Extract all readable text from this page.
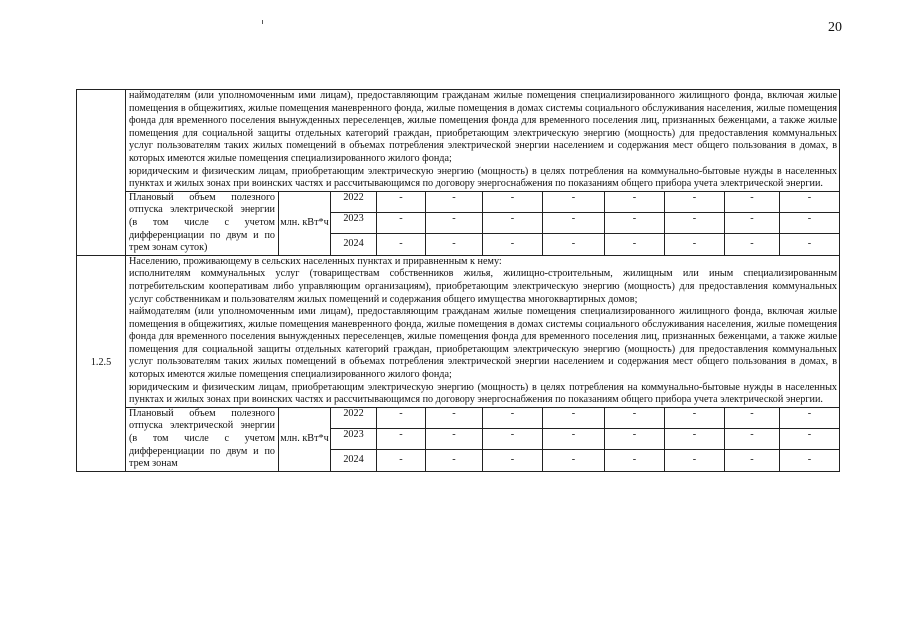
20

	наймодателям (или уполномоченным ими лицам), предоставляющим гражданам жилые помещения специализированного жилищного фонда, включая жилые помещения в общежитиях, жилые помещения маневренного фонда, жилые помещения в домах системы социального обслуживания населения, жилые помещения фонда для временного поселения вынужденных переселенцев, жилые помещения фонда для временного поселения лиц, признанных беженцами, а также жилые помещения для социальной защиты отдельных категорий граждан, приобретающим электрическую энергию (мощность) для предоставления коммунальных услуг пользователям таких жилых помещений в объемах потребления электрической энергии населением и содержания мест общего пользования в домах, в которых имеются жилые помещения специализированного жилого фонда;

юридическим и физическим лицам, приобретающим электрическую энергию (мощность) в целях потребления на коммунально-бытовые нужды в населенных пунктах и жилых зонах при воинских частях и рассчитывающимся по договору энергоснабжения по показаниям общего прибора учета электрической энергии.										

	Плановый объем полезного отпуска электрической энергии (в том числе с учетом дифференциации по двум и по трем зонам суток)	млн. кВт*ч	2022	-	-	-	-	-	-	-	-
			2023	-	-	-	-	-	-	-	-
			2024	-	-	-	-	-	-	-	-
1.2.5	Населению, проживающему в сельских населенных пунктах и приравненным к нему:

исполнителям коммунальных услуг (товариществам собственников жилья, жилищно-строительным, жилищным или иным специализированным потребительским кооперативам либо управляющим организациям), приобретающим электрическую энергию (мощность) для предоставления коммунальных услуг собственникам и пользователям жилых помещений и содержания общего имущества многоквартирных домов;

наймодателям (или уполномоченным ими лицам), предоставляющим гражданам жилые помещения специализированного жилищного фонда, включая жилые помещения в общежитиях, жилые помещения маневренного фонда, жилые помещения в домах системы социального обслуживания населения, жилые помещения фонда для временного поселения вынужденных переселенцев, жилые помещения фонда для временного поселения лиц, признанных беженцами, а также жилые помещения для социальной защиты отдельных категорий граждан, приобретающим электрическую энергию (мощность) для предоставления коммунальных услуг пользователям таких жилых помещений в объемах потребления электрической энергии населением и содержания мест общего пользования в домах, в которых имеются жилые помещения специализированного жилого фонда;

юридическим и физическим лицам, приобретающим электрическую энергию (мощность) в целях потребления на коммунально-бытовые нужды в населенных пунктах и жилых зонах при воинских частях и рассчитывающимся по договору энергоснабжения по показаниям общего прибора учета электрической энергии.										

	Плановый объем полезного отпуска электрической энергии (в том числе с учетом дифференциации по двум и по трем зонам	млн. кВт*ч	2022	-	-	-	-	-	-	-	-
			2023	-	-	-	-	-	-	-	-
			2024	-	-	-	-	-	-	-	-
